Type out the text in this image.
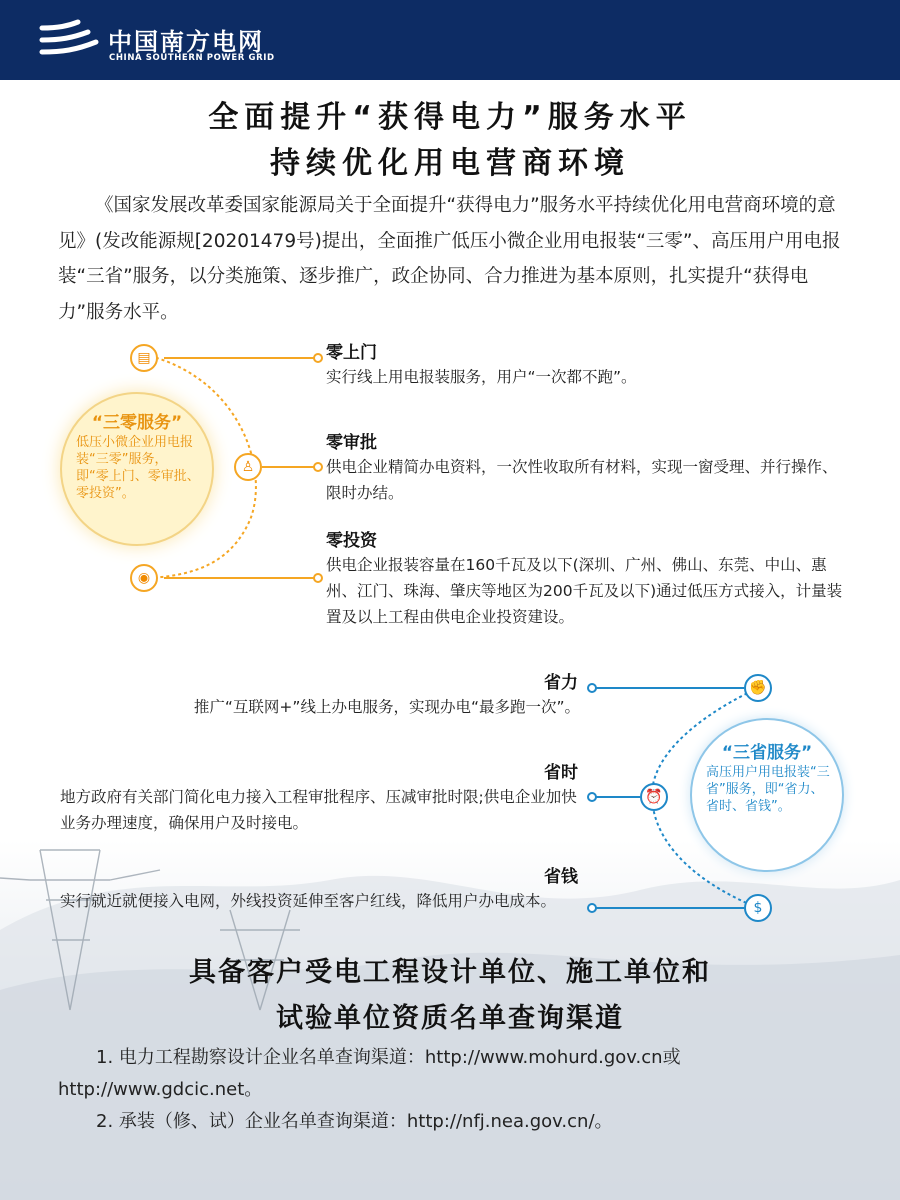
中国南方电网
CHINA SOUTHERN POWER GRID
全面提升“获得电力”服务水平
持续优化用电营商环境
《国家发展改革委国家能源局关于全面提升“获得电力”服务水平持续优化用电营商环境的意见》(发改能源规[20201479号)提出，全面推广低压小微企业用电报装“三零”、高压用户用电报装“三省”服务，以分类施策、逐步推广，政企协同、合力推进为基本原则，扎实提升“获得电力”服务水平。
▤
♙
◉
“三零服务”
低压小微企业用电报装“三零”服务，即“零上门、零审批、零投资”。
零上门
实行线上用电报装服务，用户“一次都不跑”。
零审批
供电企业精简办电资料，一次性收取所有材料，实现一窗受理、并行操作、限时办结。
零投资
供电企业报装容量在160千瓦及以下(深圳、广州、佛山、东莞、中山、惠州、江门、珠海、肇庆等地区为200千瓦及以下)通过低压方式接入，计量装置及以上工程由供电企业投资建设。
✊
⏰
$
“三省服务”
高压用户用电报装“三省”服务，即“省力、省时、省钱”。
省力
推广“互联网+”线上办电服务，实现办电“最多跑一次”。
省时
地方政府有关部门简化电力接入工程审批程序、压减审批时限;供电企业加快业务办理速度，确保用户及时接电。
省钱
实行就近就便接入电网，外线投资延伸至客户红线，降低用户办电成本。
具备客户受电工程设计单位、施工单位和
试验单位资质名单查询渠道
1. 电力工程勘察设计企业名单查询渠道：http://www.mohurd.gov.cn或
http://www.gdcic.net。
2. 承装（修、试）企业名单查询渠道：http://nfj.nea.gov.cn/。
